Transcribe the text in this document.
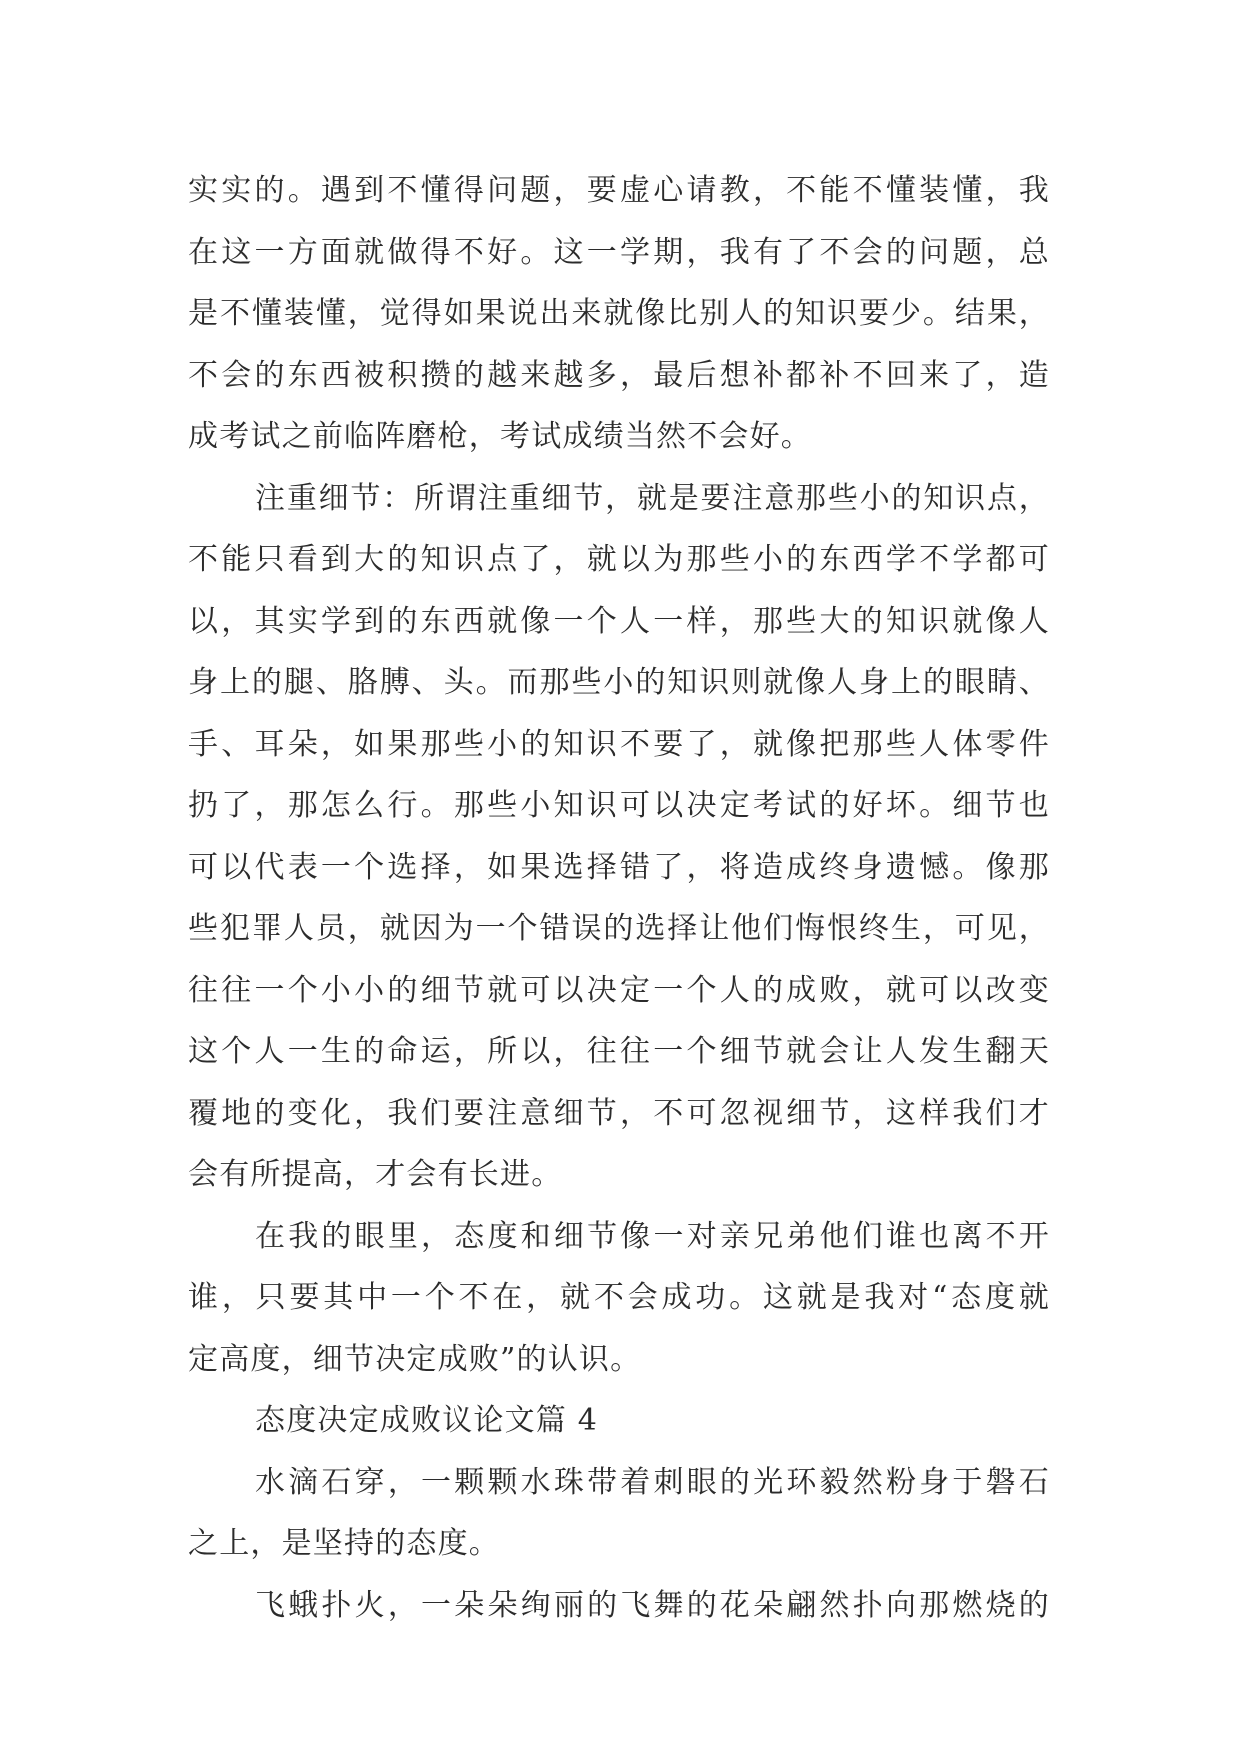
实实的。遇到不懂得问题，要虚心请教，不能不懂装懂，我
在这一方面就做得不好。这一学期，我有了不会的问题，总
是不懂装懂，觉得如果说出来就像比别人的知识要少。结果，
不会的东西被积攒的越来越多，最后想补都补不回来了，造
成考试之前临阵磨枪，考试成绩当然不会好。
注重细节：所谓注重细节，就是要注意那些小的知识点，
不能只看到大的知识点了，就以为那些小的东西学不学都可
以，其实学到的东西就像一个人一样，那些大的知识就像人
身上的腿、胳膊、头。而那些小的知识则就像人身上的眼睛、
手、耳朵，如果那些小的知识不要了，就像把那些人体零件
扔了，那怎么行。那些小知识可以决定考试的好坏。细节也
可以代表一个选择，如果选择错了，将造成终身遗憾。像那
些犯罪人员，就因为一个错误的选择让他们悔恨终生，可见，
往往一个小小的细节就可以决定一个人的成败，就可以改变
这个人一生的命运，所以，往往一个细节就会让人发生翻天
覆地的变化，我们要注意细节，不可忽视细节，这样我们才
会有所提高，才会有长进。
在我的眼里，态度和细节像一对亲兄弟他们谁也离不开
谁，只要其中一个不在，就不会成功。这就是我对“态度就
定高度，细节决定成败”的认识。
态度决定成败议论文篇 4
水滴石穿，一颗颗水珠带着刺眼的光环毅然粉身于磐石
之上，是坚持的态度。
飞蛾扑火，一朵朵绚丽的飞舞的花朵翩然扑向那燃烧的
